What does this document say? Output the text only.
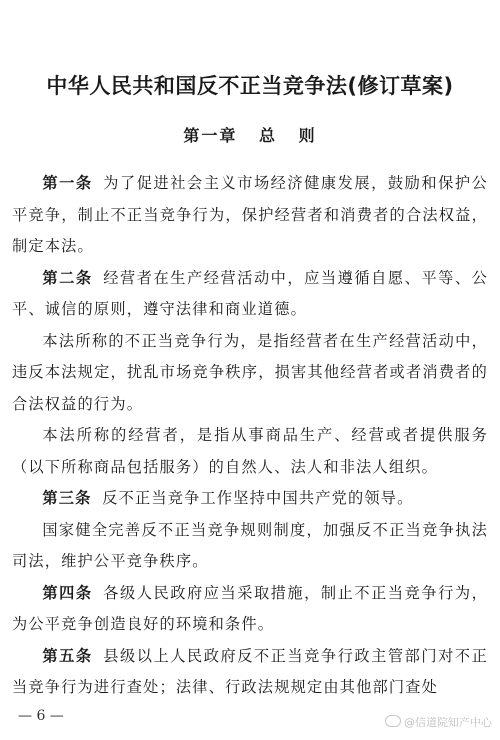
中华人民共和国反不正当竞争法(修订草案)
第一章 总 则

第一条 为了促进社会主义市场经济健康发展，鼓励和保护公平竞争，制止不正当竞争行为，保护经营者和消费者的合法权益，制定本法。

第二条 经营者在生产经营活动中，应当遵循自愿、平等、公平、诚信的原则，遵守法律和商业道德。

本法所称的不正当竞争行为，是指经营者在生产经营活动中，违反本法规定，扰乱市场竞争秩序，损害其他经营者或者消费者的合法权益的行为。

本法所称的经营者，是指从事商品生产、经营或者提供服务（以下所称商品包括服务）的自然人、法人和非法人组织。

第三条 反不正当竞争工作坚持中国共产党的领导。

国家健全完善反不正当竞争规则制度，加强反不正当竞争执法司法，维护公平竞争秩序。

第四条 各级人民政府应当采取措施，制止不正当竞争行为，为公平竞争创造良好的环境和条件。

第五条 县级以上人民政府反不正当竞争行政主管部门对不正当竞争行为进行查处；法律、行政法规规定由其他部门查处

— 6 —	@信道院知产中心
